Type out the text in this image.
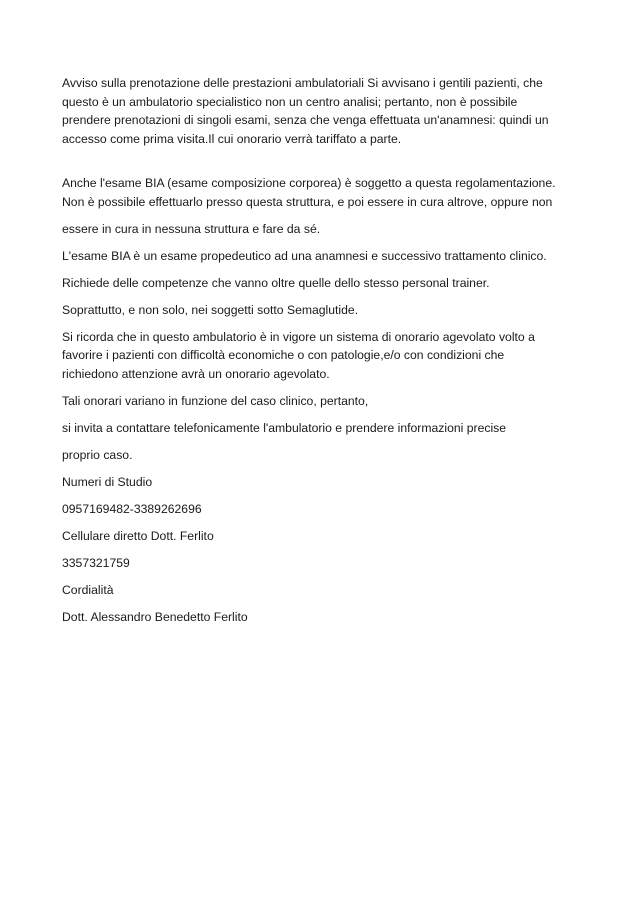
Avviso sulla prenotazione delle prestazioni ambulatoriali Si avvisano i gentili pazienti, che
questo è un ambulatorio specialistico non un centro analisi; pertanto, non è possibile
prendere prenotazioni di singoli esami, senza che venga effettuata un'anamnesi: quindi un
accesso come prima visita.Il cui onorario verrà tariffato a parte.

Anche l'esame BIA (esame composizione corporea) è soggetto a questa regolamentazione.
Non è possibile effettuarlo presso questa struttura, e poi essere in cura altrove, oppure non

essere in cura in nessuna struttura e fare da sé.

L'esame BIA è un esame propedeutico ad una anamnesi e successivo trattamento clinico.

Richiede delle competenze che vanno oltre quelle dello stesso personal trainer.

Soprattutto, e non solo, nei soggetti sotto Semaglutide.

Si ricorda che in questo ambulatorio è in vigore un sistema di onorario agevolato volto a
favorire i pazienti con difficoltà economiche o con patologie,e/o con condizioni che
richiedono attenzione avrà un onorario agevolato.

Tali onorari variano in funzione del caso clinico, pertanto,

si invita a contattare telefonicamente l'ambulatorio e prendere informazioni precise

proprio caso.

Numeri di Studio

0957169482-3389262696

Cellulare diretto Dott. Ferlito

3357321759

Cordialità

Dott. Alessandro Benedetto Ferlito
